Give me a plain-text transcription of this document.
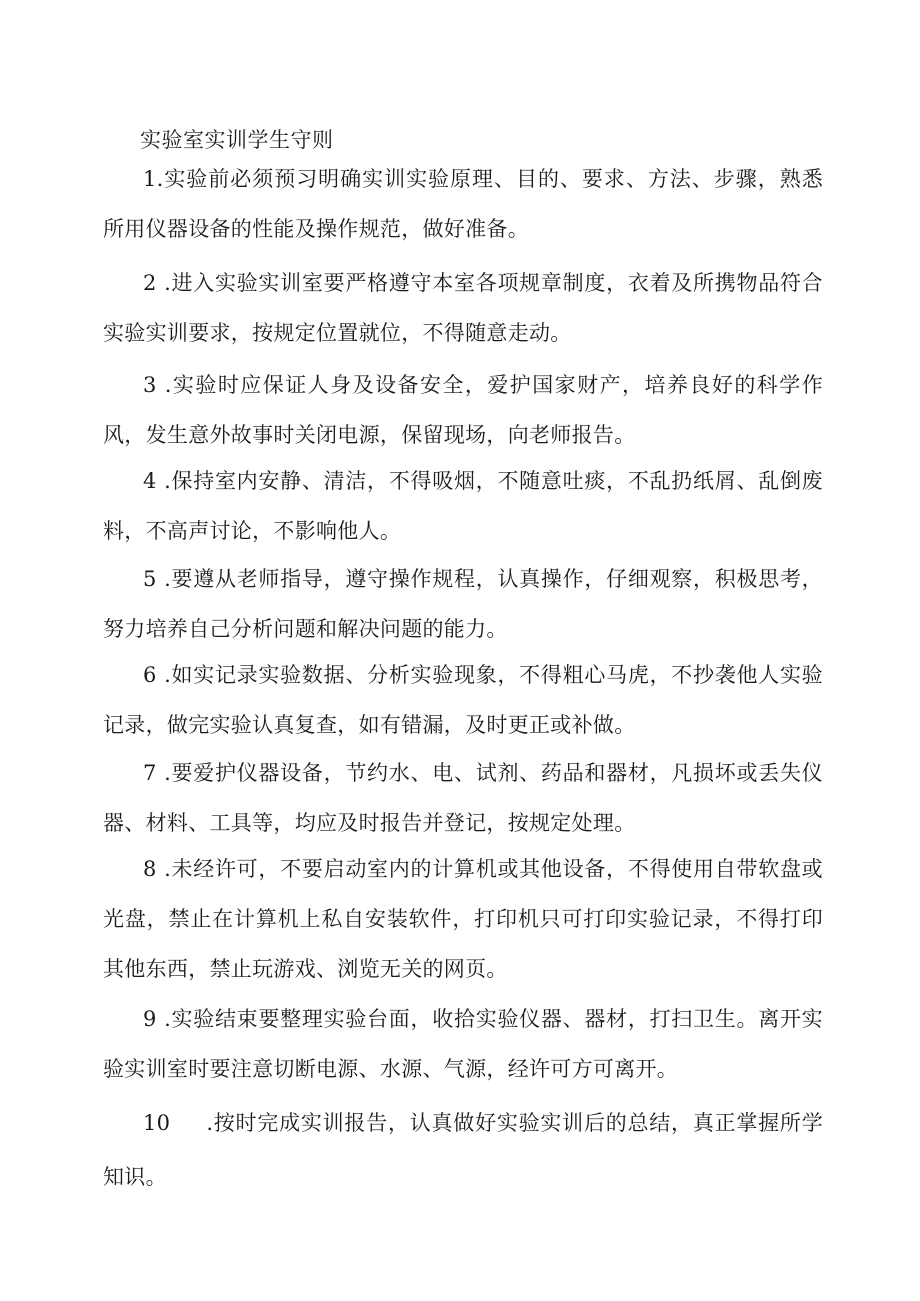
实验室实训学生守则

1.实验前必须预习明确实训实验原理、目的、要求、方法、步骤，熟悉所用仪器设备的性能及操作规范，做好准备。

2 .进入实验实训室要严格遵守本室各项规章制度，衣着及所携物品符合实验实训要求，按规定位置就位，不得随意走动。

3 .实验时应保证人身及设备安全，爱护国家财产，培养良好的科学作风，发生意外故事时关闭电源，保留现场，向老师报告。

4 .保持室内安静、清洁，不得吸烟，不随意吐痰，不乱扔纸屑、乱倒废料，不高声讨论，不影响他人。

5 .要遵从老师指导，遵守操作规程，认真操作，仔细观察，积极思考，努力培养自己分析问题和解决问题的能力。

6 .如实记录实验数据、分析实验现象，不得粗心马虎，不抄袭他人实验记录，做完实验认真复查，如有错漏，及时更正或补做。

7 .要爱护仪器设备，节约水、电、试剂、药品和器材，凡损坏或丢失仪器、材料、工具等，均应及时报告并登记，按规定处理。

8 .未经许可，不要启动室内的计算机或其他设备，不得使用自带软盘或光盘，禁止在计算机上私自安装软件，打印机只可打印实验记录，不得打印其他东西，禁止玩游戏、浏览无关的网页。

9 .实验结束要整理实验台面，收拾实验仪器、器材，打扫卫生。离开实验实训室时要注意切断电源、水源、气源，经许可方可离开。

10 .按时完成实训报告，认真做好实验实训后的总结，真正掌握所学知识。
